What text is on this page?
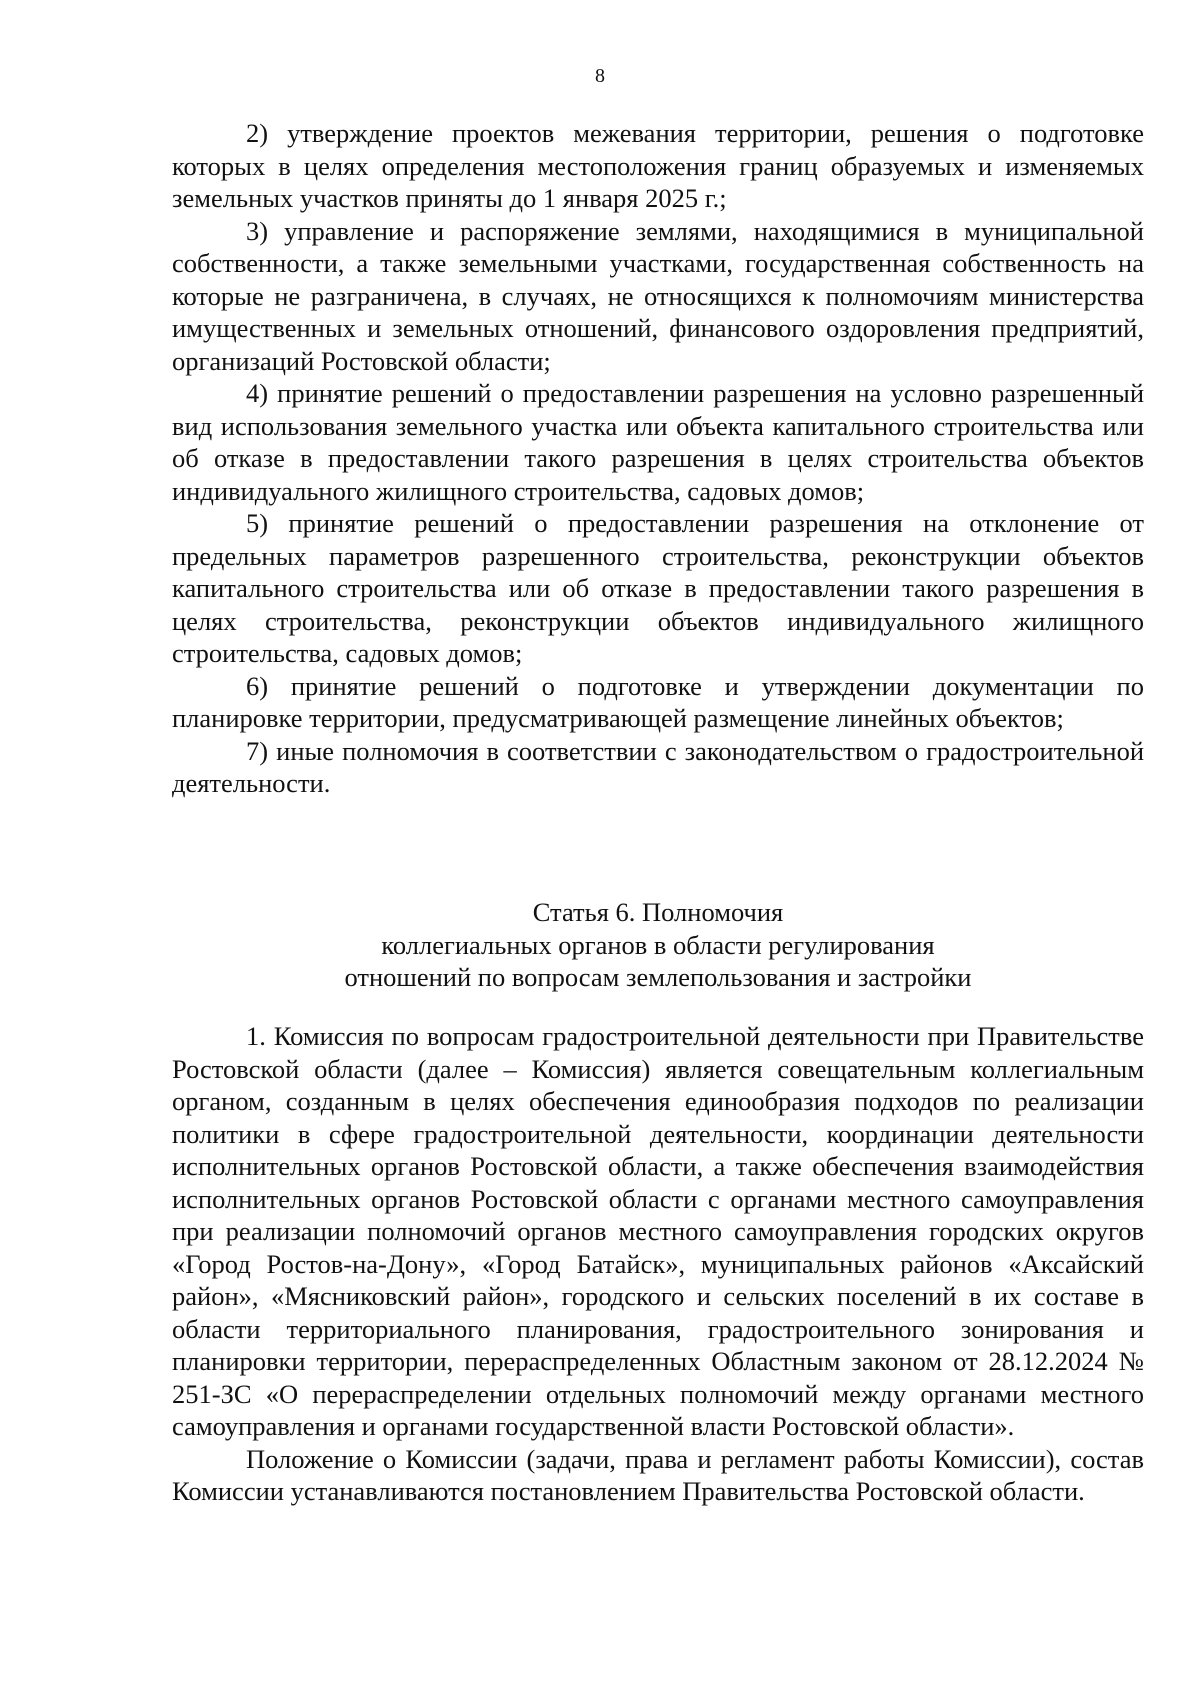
8

2) утверждение проектов межевания территории, решения о подготовке которых в целях определения местоположения границ образуемых и изменяемых земельных участков приняты до 1 января 2025 г.;

3) управление и распоряжение землями, находящимися в муниципальной собственности, а также земельными участками, государственная собственность на которые не разграничена, в случаях, не относящихся к полномочиям министерства имущественных и земельных отношений, финансового оздоровления предприятий, организаций Ростовской области;

4) принятие решений о предоставлении разрешения на условно разрешенный вид использования земельного участка или объекта капитального строительства или об отказе в предоставлении такого разрешения в целях строительства объектов индивидуального жилищного строительства, садовых домов;

5) принятие решений о предоставлении разрешения на отклонение от предельных параметров разрешенного строительства, реконструкции объектов капитального строительства или об отказе в предоставлении такого разрешения в целях строительства, реконструкции объектов индивидуального жилищного строительства, садовых домов;

6) принятие решений о подготовке и утверждении документации по планировке территории, предусматривающей размещение линейных объектов;

7) иные полномочия в соответствии с законодательством о градостроительной деятельности.

Статья 6. Полномочия
коллегиальных органов в области регулирования
отношений по вопросам землепользования и застройки

1. Комиссия по вопросам градостроительной деятельности при Правительстве Ростовской области (далее – Комиссия) является совещательным коллегиальным органом, созданным в целях обеспечения единообразия подходов по реализации политики в сфере градостроительной деятельности, координации деятельности исполнительных органов Ростовской области, а также обеспечения взаимодействия исполнительных органов Ростовской области с органами местного самоуправления при реализации полномочий органов местного самоуправления городских округов «Город Ростов-на-Дону», «Город Батайск», муниципальных районов «Аксайский район», «Мясниковский район», городского и сельских поселений в их составе в области территориального планирования, градостроительного зонирования и планировки территории, перераспределенных Областным законом от 28.12.2024 № 251-ЗС «О перераспределении отдельных полномочий между органами местного самоуправления и органами государственной власти Ростовской области».

Положение о Комиссии (задачи, права и регламент работы Комиссии), состав Комиссии устанавливаются постановлением Правительства Ростовской области.
